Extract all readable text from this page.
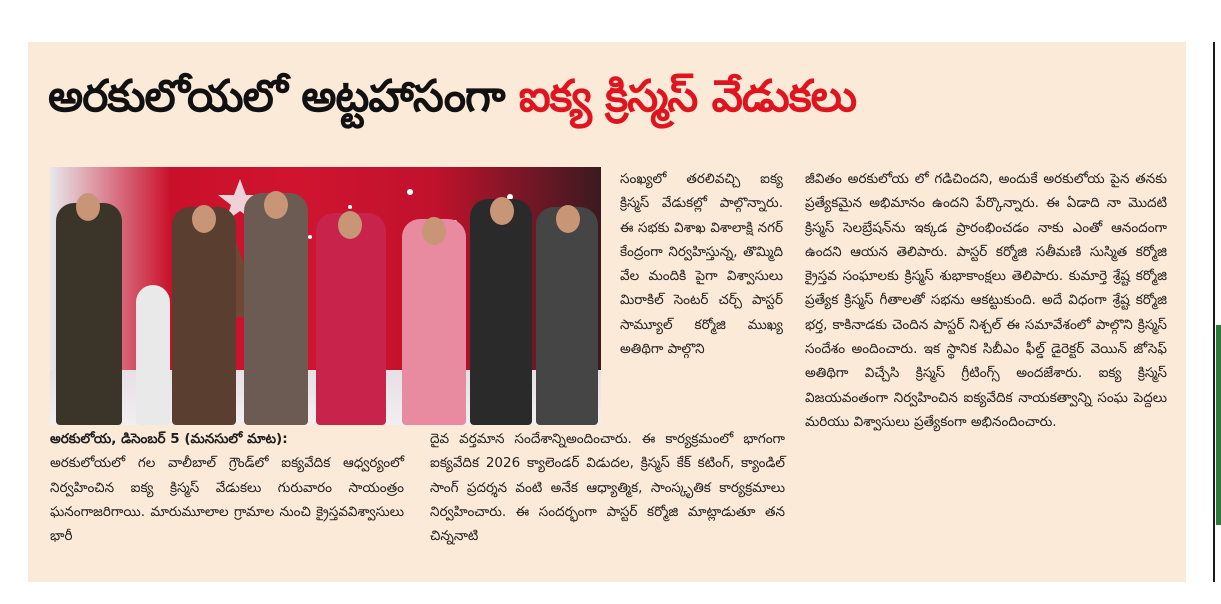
అరకులోయలో అట్టహాసంగా ఐక్య క్రిస్మస్ వేడుకలు

సంఖ్యలో తరలివచ్చి ఐక్య క్రిస్మస్ వేడుకల్లో పాల్గొన్నారు. ఈ సభకు విశాఖ విశాలాక్షి నగర్ కేంద్రంగా నిర్వహిస్తున్న, తొమ్మిది వేల మందికి పైగా విశ్వాసులు మిరాకిల్ సెంటర్ చర్చ్ పాస్టర్ సామ్యూల్ కర్మోజి ముఖ్య అతిథిగా పాల్గొని

అరకులోయ, డిసెంబర్ 5 (మనసులో మాట):
అరకులోయలో గల వాలీబాల్ గ్రౌండ్‌లో ఐక్యవేదిక ఆధ్వర్యంలో నిర్వహించిన ఐక్య క్రిస్మస్ వేడుకలు గురువారం సాయంత్రం ఘనంగాజరిగాయి. మారుమూలాల గ్రామాల నుంచి క్రైస్తవవిశ్వాసులు భారీ

దైవ వర్తమాన సందేశాన్నిఅందించారు. ఈ కార్యక్రమంలో భాగంగా ఐక్యవేదిక 2026 క్యాలెండర్ విడుదల, క్రిస్మస్ కేక్ కటింగ్, క్యాండిల్ సాంగ్ ప్రదర్శన వంటి అనేక ఆధ్యాత్మిక, సాంస్కృతిక కార్యక్రమాలు నిర్వహించారు. ఈ సందర్భంగా పాస్టర్ కర్మోజి మాట్లాడుతూ తన చిన్ననాటి

జీవితం అరకులోయ లో గడిచిందని, అందుకే అరకులోయ పైన తనకు ప్రత్యేకమైన అభిమానం ఉందని పేర్కొన్నారు. ఈ ఏడాది నా మొదటి క్రిస్మస్ సెలబ్రేషన్‌ను ఇక్కడ ప్రారంభించడం నాకు ఎంతో ఆనందంగా ఉందని ఆయన తెలిపారు. పాస్టర్ కర్మోజి సతీమణి సుస్మిత కర్మోజి క్రైస్తవ సంఘాలకు క్రిస్మస్ శుభాకాంక్షలు తెలిపారు. కుమార్తె శ్రేష్ట కర్మోజి ప్రత్యేక క్రిస్మస్ గీతాలతో సభను ఆకట్టుకుంది. అదే విధంగా శ్రేష్ట కర్మోజి భర్త, కాకినాడకు చెందిన పాస్టర్ నిశ్చల్ ఈ సమావేశంలో పాల్గొని క్రిస్మస్ సందేశం అందించారు. ఇక స్థానిక సిబీఎం ఫీల్డ్ డైరెక్టర్ వెయిన్ జోసెఫ్ అతిథిగా విచ్చేసి క్రిస్మస్ గ్రీటింగ్స్ అందజేశారు. ఐక్య క్రిస్మస్ విజయవంతంగా నిర్వహించిన ఐక్యవేదిక నాయకత్వాన్ని సంఘ పెద్దలు మరియు విశ్వాసులు ప్రత్యేకంగా అభినందించారు.
